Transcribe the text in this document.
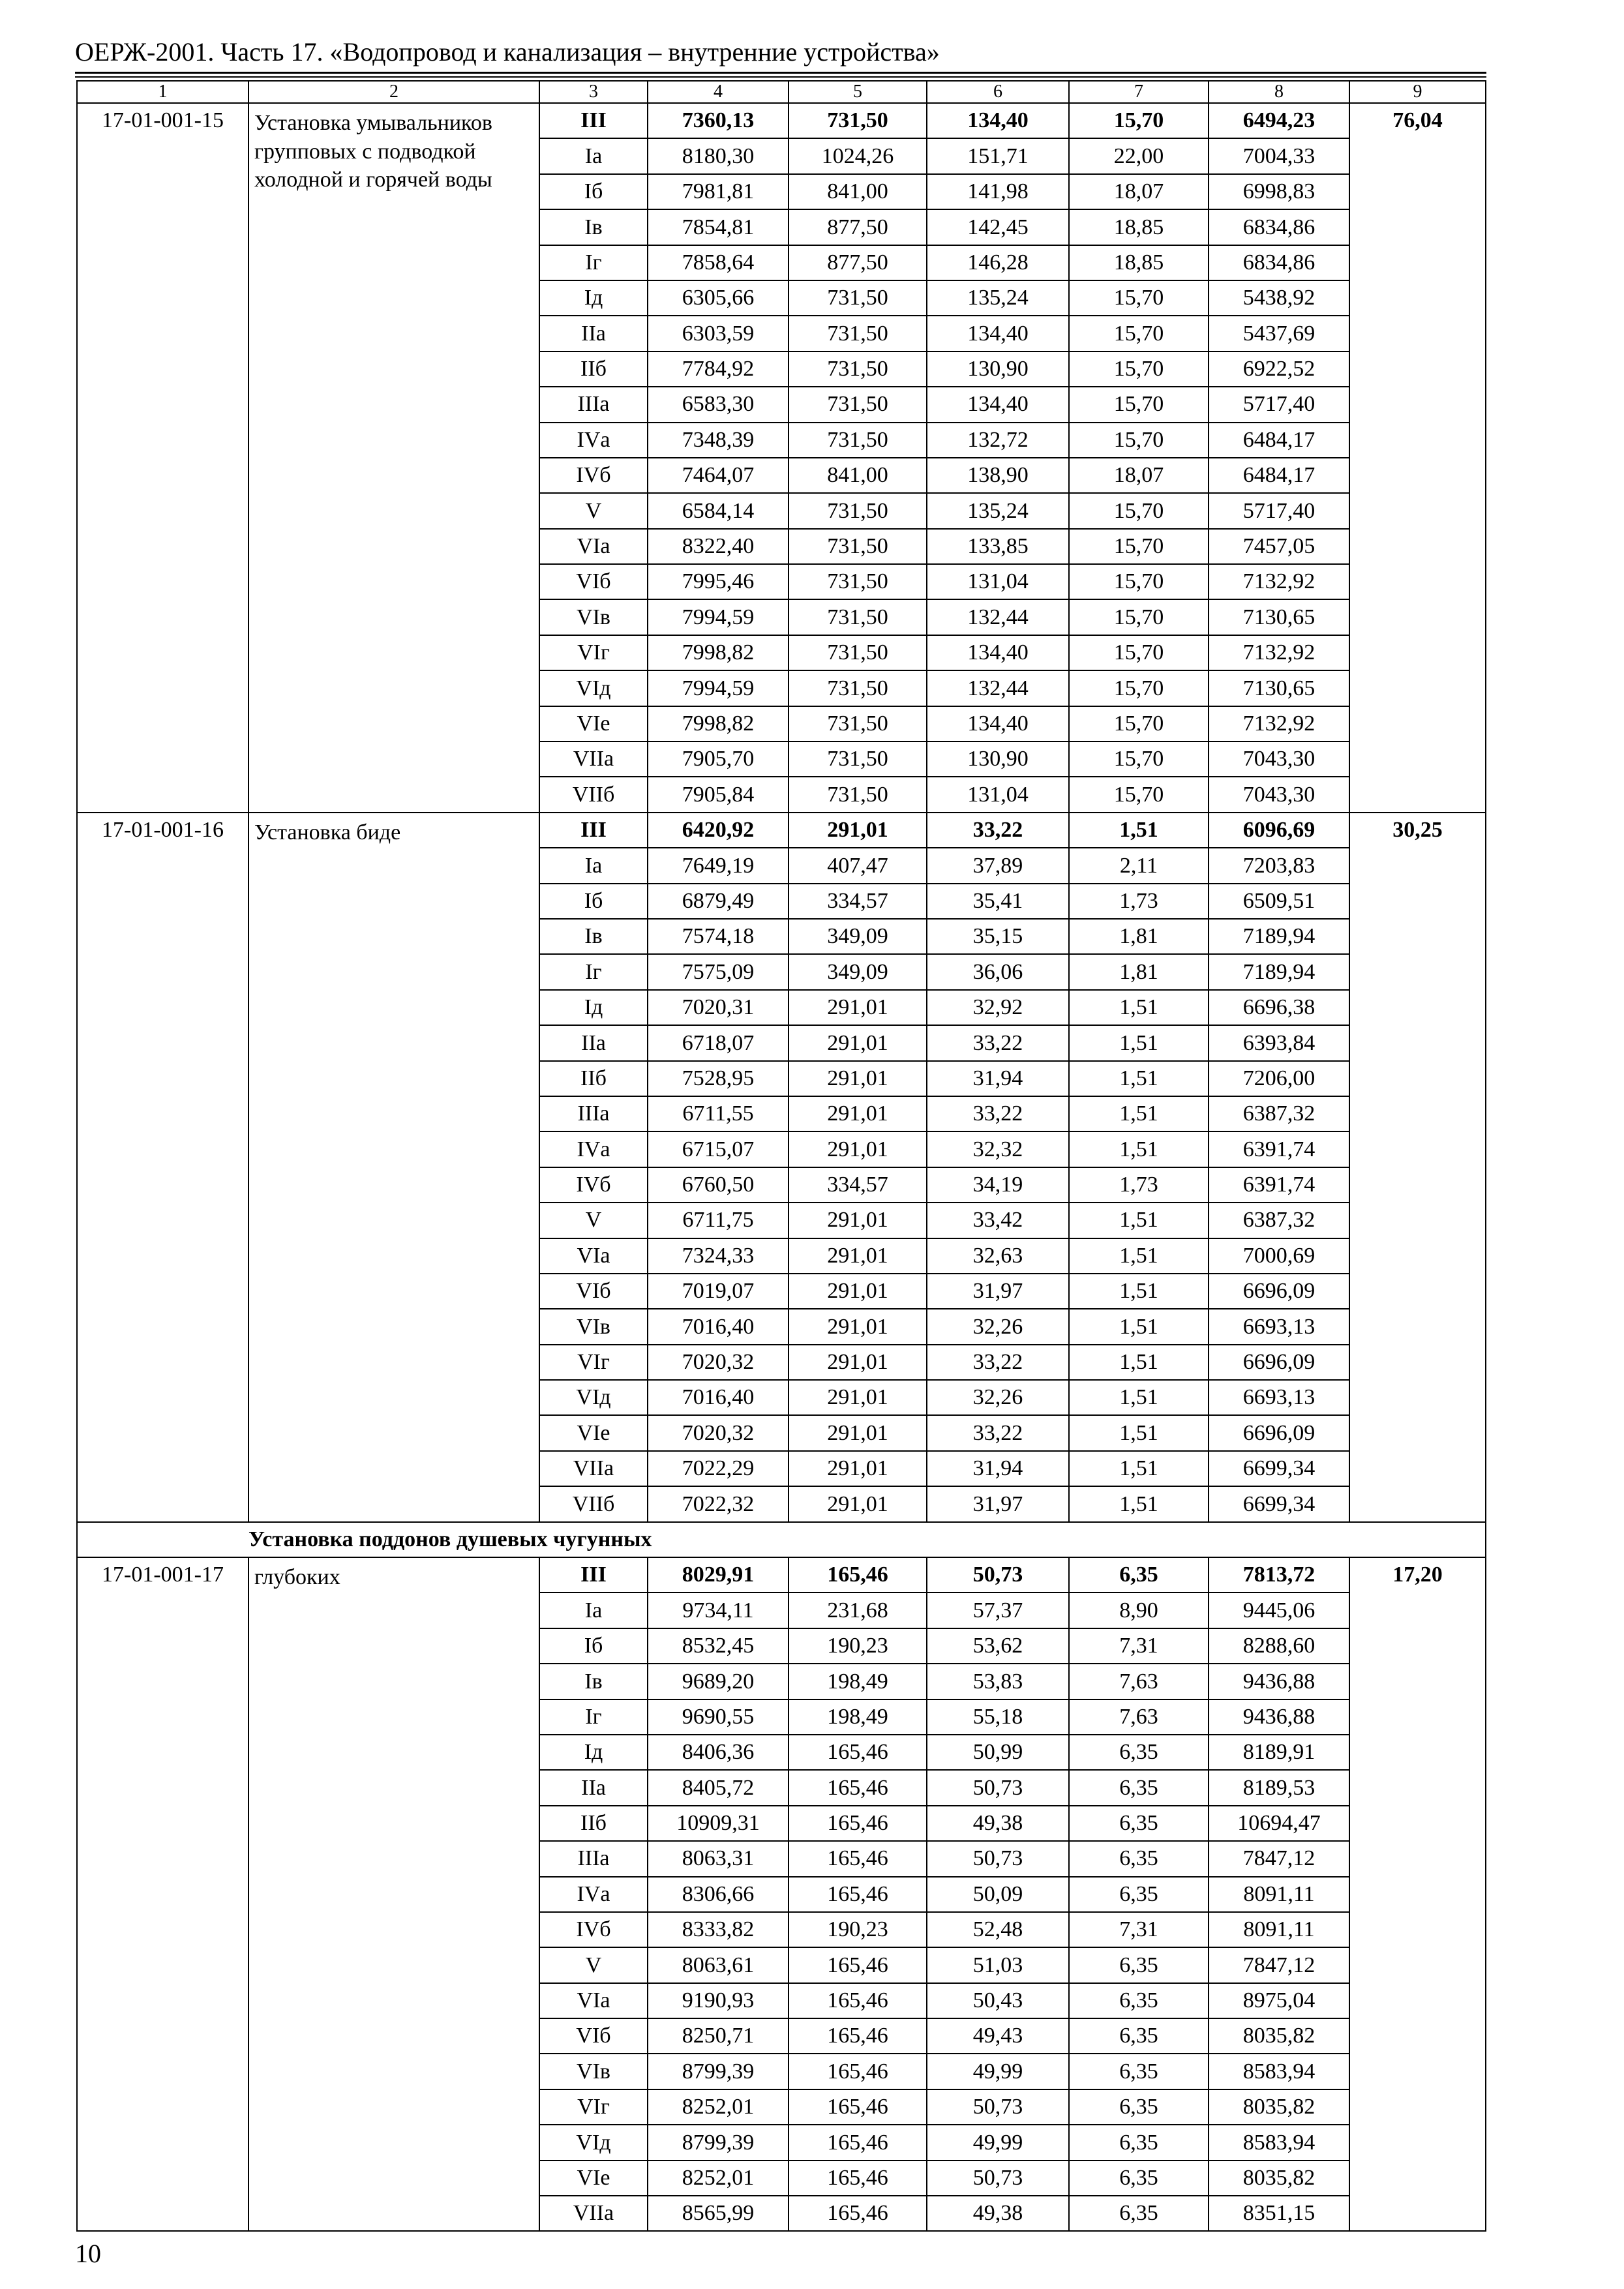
ОЕРЖ-2001. Часть 17. «Водопровод и канализация – внутренние устройства»
1	2	3	4	5	6	7	8	9
17-01-001-15	Установка умывальников групповых с подводкой холодной и горячей воды	III	7360,13	731,50	134,40	15,70	6494,23	76,04
		Iа	8180,30	1024,26	151,71	22,00	7004,33	
		Iб	7981,81	841,00	141,98	18,07	6998,83	
		Iв	7854,81	877,50	142,45	18,85	6834,86	
		Iг	7858,64	877,50	146,28	18,85	6834,86	
		Iд	6305,66	731,50	135,24	15,70	5438,92	
		IIа	6303,59	731,50	134,40	15,70	5437,69	
		IIб	7784,92	731,50	130,90	15,70	6922,52	
		IIIа	6583,30	731,50	134,40	15,70	5717,40	
		IVа	7348,39	731,50	132,72	15,70	6484,17	
		IVб	7464,07	841,00	138,90	18,07	6484,17	
		V	6584,14	731,50	135,24	15,70	5717,40	
		VIа	8322,40	731,50	133,85	15,70	7457,05	
		VIб	7995,46	731,50	131,04	15,70	7132,92	
		VIв	7994,59	731,50	132,44	15,70	7130,65	
		VIг	7998,82	731,50	134,40	15,70	7132,92	
		VIд	7994,59	731,50	132,44	15,70	7130,65	
		VIе	7998,82	731,50	134,40	15,70	7132,92	
		VIIа	7905,70	731,50	130,90	15,70	7043,30	
		VIIб	7905,84	731,50	131,04	15,70	7043,30	
17-01-001-16	Установка биде	III	6420,92	291,01	33,22	1,51	6096,69	30,25
		Iа	7649,19	407,47	37,89	2,11	7203,83	
		Iб	6879,49	334,57	35,41	1,73	6509,51	
		Iв	7574,18	349,09	35,15	1,81	7189,94	
		Iг	7575,09	349,09	36,06	1,81	7189,94	
		Iд	7020,31	291,01	32,92	1,51	6696,38	
		IIа	6718,07	291,01	33,22	1,51	6393,84	
		IIб	7528,95	291,01	31,94	1,51	7206,00	
		IIIа	6711,55	291,01	33,22	1,51	6387,32	
		IVа	6715,07	291,01	32,32	1,51	6391,74	
		IVб	6760,50	334,57	34,19	1,73	6391,74	
		V	6711,75	291,01	33,42	1,51	6387,32	
		VIа	7324,33	291,01	32,63	1,51	7000,69	
		VIб	7019,07	291,01	31,97	1,51	6696,09	
		VIв	7016,40	291,01	32,26	1,51	6693,13	
		VIг	7020,32	291,01	33,22	1,51	6696,09	
		VIд	7016,40	291,01	32,26	1,51	6693,13	
		VIе	7020,32	291,01	33,22	1,51	6696,09	
		VIIа	7022,29	291,01	31,94	1,51	6699,34	
		VIIб	7022,32	291,01	31,97	1,51	6699,34	
	Установка поддонов душевых чугунных							
17-01-001-17	глубоких	III	8029,91	165,46	50,73	6,35	7813,72	17,20
		Iа	9734,11	231,68	57,37	8,90	9445,06	
		Iб	8532,45	190,23	53,62	7,31	8288,60	
		Iв	9689,20	198,49	53,83	7,63	9436,88	
		Iг	9690,55	198,49	55,18	7,63	9436,88	
		Iд	8406,36	165,46	50,99	6,35	8189,91	
		IIа	8405,72	165,46	50,73	6,35	8189,53	
		IIб	10909,31	165,46	49,38	6,35	10694,47	
		IIIа	8063,31	165,46	50,73	6,35	7847,12	
		IVа	8306,66	165,46	50,09	6,35	8091,11	
		IVб	8333,82	190,23	52,48	7,31	8091,11	
		V	8063,61	165,46	51,03	6,35	7847,12	
		VIа	9190,93	165,46	50,43	6,35	8975,04	
		VIб	8250,71	165,46	49,43	6,35	8035,82	
		VIв	8799,39	165,46	49,99	6,35	8583,94	
		VIг	8252,01	165,46	50,73	6,35	8035,82	
		VIд	8799,39	165,46	49,99	6,35	8583,94	
		VIе	8252,01	165,46	50,73	6,35	8035,82	
		VIIа	8565,99	165,46	49,38	6,35	8351,15	
10
